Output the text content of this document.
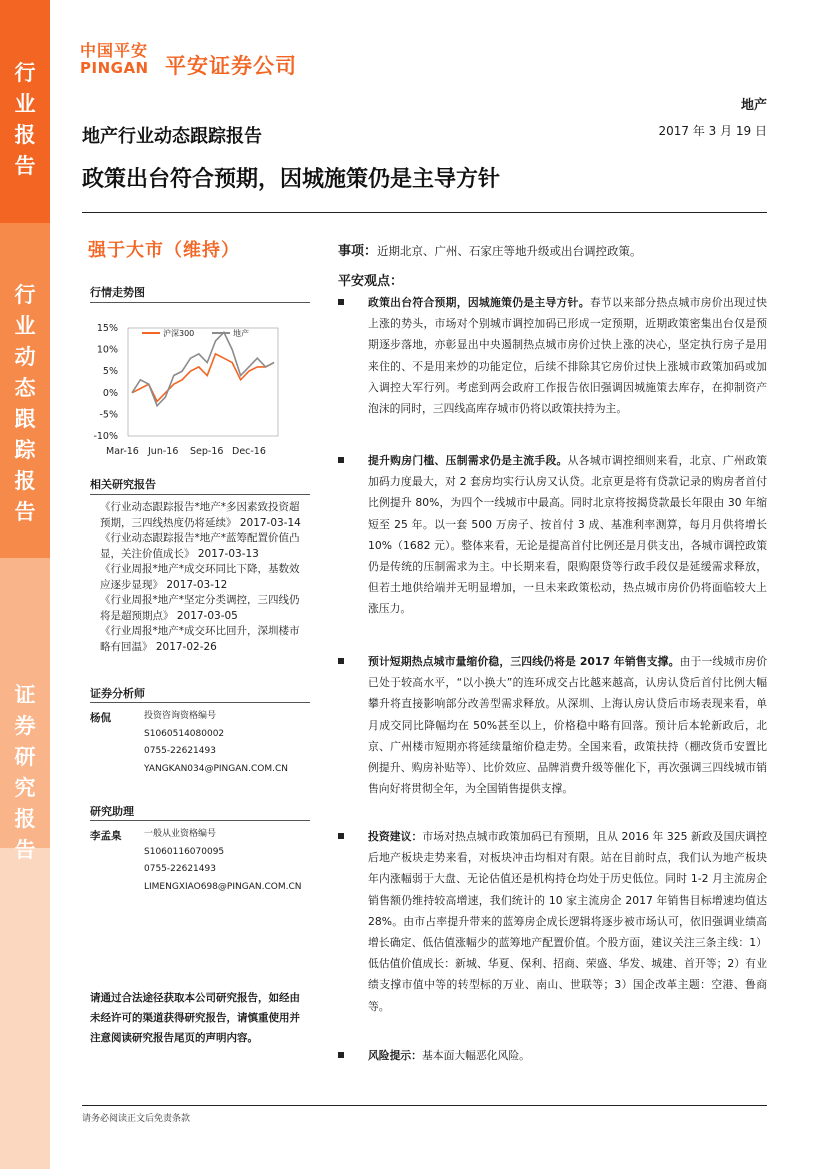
行
业
报
告
行
业
动
态
跟
踪
报
告
证
券
研
究
报
告
中国平安
PINGAN 平安证券公司
地产
2017 年 3 月 19 日
地产行业动态跟踪报告
政策出台符合预期，因城施策仍是主导方针
强于大市（维持）
行情走势图
15%
10%
5%
0%
-5%
-10%
Mar-16 Jun-16 Sep-16 Dec-16
沪深300	地产
相关研究报告
《行业动态跟踪报告*地产*多因素致投资超预期，三四线热度仍将延续》 2017-03-14
《行业动态跟踪报告*地产*蓝筹配置价值凸显，关注价值成长》 2017-03-13
《行业周报*地产*成交环同比下降，基数效应逐步显现》 2017-03-12
《行业周报*地产*坚定分类调控，三四线仍将是超预期点》 2017-03-05
《行业周报*地产*成交环比回升，深圳楼市略有回温》 2017-02-26
证券分析师
杨侃	投资咨询资格编号
S1060514080002
0755-22621493
YANGKAN034@PINGAN.COM.CN
研究助理
李孟臬	一般从业资格编号
S1060116070095
0755-22621493
LIMENGXIAO698@PINGAN.COM.CN
请通过合法途径获取本公司研究报告，如经由未经许可的渠道获得研究报告，请慎重使用并注意阅读研究报告尾页的声明内容。
事项：近期北京、广州、石家庄等地升级或出台调控政策。
平安观点：
政策出台符合预期，因城施策仍是主导方针。春节以来部分热点城市房价出现过快上涨的势头，市场对个别城市调控加码已形成一定预期，近期政策密集出台仅是预期逐步落地，亦彰显出中央遏制热点城市房价过快上涨的决心，坚定执行房子是用来住的、不是用来炒的功能定位，后续不排除其它房价过快上涨城市政策加码或加入调控大军行列。考虑到两会政府工作报告依旧强调因城施策去库存，在抑制资产泡沫的同时，三四线高库存城市仍将以政策扶持为主。
提升购房门槛、压制需求仍是主流手段。从各城市调控细则来看，北京、广州政策加码力度最大，对 2 套房均实行认房又认贷。北京更是将有贷款记录的购房者首付比例提升 80%，为四个一线城市中最高。同时北京将按揭贷款最长年限由 30 年缩短至 25 年。以一套 500 万房子、按首付 3 成、基准利率测算，每月月供将增长 10%（1682 元）。整体来看，无论是提高首付比例还是月供支出，各城市调控政策仍是传统的压制需求为主。中长期来看，限购限贷等行政手段仅是延缓需求释放，但若土地供给端并无明显增加，一旦未来政策松动，热点城市房价仍将面临较大上涨压力。
预计短期热点城市量缩价稳，三四线仍将是 2017 年销售支撑。由于一线城市房价已处于较高水平，“以小换大”的连环成交占比越来越高，认房认贷后首付比例大幅攀升将直接影响部分改善型需求释放。从深圳、上海认房认贷后市场表现来看，单月成交同比降幅均在 50%甚至以上，价格稳中略有回落。预计后本轮新政后，北京、广州楼市短期亦将延续量缩价稳走势。全国来看，政策扶持（棚改货币安置比例提升、购房补贴等）、比价效应、品牌消费升级等催化下，再次强调三四线城市销售向好将贯彻全年，为全国销售提供支撑。
投资建议：市场对热点城市政策加码已有预期，且从 2016 年 325 新政及国庆调控后地产板块走势来看，对板块冲击均相对有限。站在目前时点，我们认为地产板块年内涨幅弱于大盘、无论估值还是机构持仓均处于历史低位。同时 1-2 月主流房企销售额仍维持较高增速，我们统计的 10 家主流房企 2017 年销售目标增速均值达 28%。由市占率提升带来的蓝筹房企成长逻辑将逐步被市场认可，依旧强调业绩高增长确定、低估值涨幅少的蓝筹地产配置价值。个股方面，建议关注三条主线：1）低估值价值成长：新城、华夏、保利、招商、荣盛、华发、城建、首开等；2）有业绩支撑市值中等的转型标的万业、南山、世联等；3）国企改革主题：空港、鲁商等。
风险提示：基本面大幅恶化风险。
请务必阅读正文后免责条款
